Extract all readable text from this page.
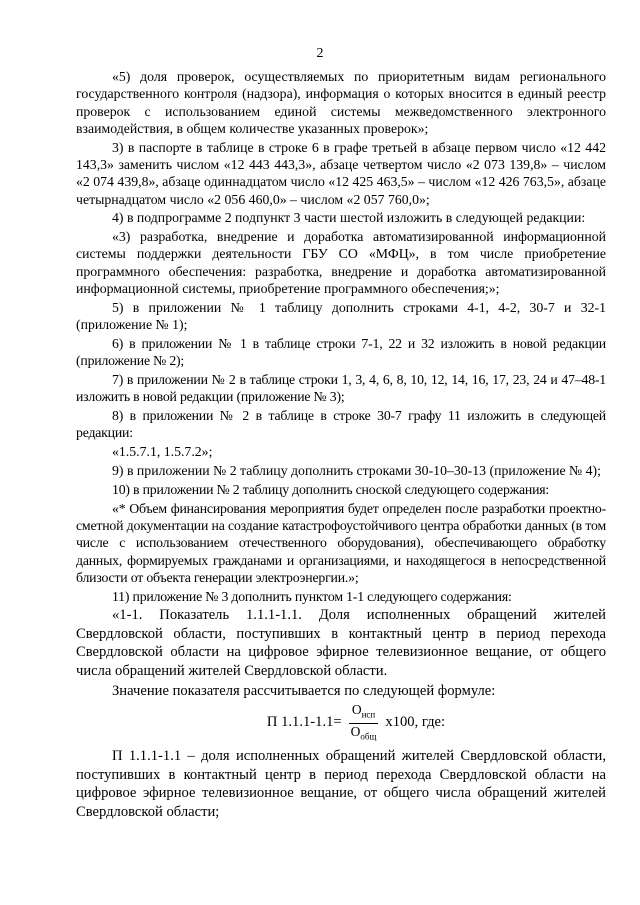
2

«5) доля проверок, осуществляемых по приоритетным видам регионального государственного контроля (надзора), информация о которых вносится в единый реестр проверок с использованием единой системы межведомственного электронного взаимодействия, в общем количестве указанных проверок»;

3) в паспорте в таблице в строке 6 в графе третьей в абзаце первом число «12 442 143,3» заменить числом «12 443 443,3», абзаце четвертом число «2 073 139,8» – числом «2 074 439,8», абзаце одиннадцатом число «12 425 463,5» – числом «12 426 763,5», абзаце четырнадцатом число «2 056 460,0» – числом «2 057 760,0»;

4) в подпрограмме 2 подпункт 3 части шестой изложить в следующей редакции:

«3) разработка, внедрение и доработка автоматизированной информационной системы поддержки деятельности ГБУ СО «МФЦ», в том числе приобретение программного обеспечения: разработка, внедрение и доработка автоматизированной информационной системы, приобретение программного обеспечения;»;

5) в приложении № 1 таблицу дополнить строками 4-1, 4-2, 30-7 и 32-1 (приложение № 1);

6) в приложении № 1 в таблице строки 7-1, 22 и 32 изложить в новой редакции (приложение № 2);

7) в приложении № 2 в таблице строки 1, 3, 4, 6, 8, 10, 12, 14, 16, 17, 23, 24 и 47–48-1 изложить в новой редакции (приложение № 3);

8) в приложении № 2 в таблице в строке 30-7 графу 11 изложить в следующей редакции:

«1.5.7.1, 1.5.7.2»;

9) в приложении № 2 таблицу дополнить строками 30-10–30-13 (приложение № 4);

10) в приложении № 2 таблицу дополнить сноской следующего содержания:

«* Объем финансирования мероприятия будет определен после разработки проектно-сметной документации на создание катастрофоустойчивого центра обработки данных (в том числе с использованием отечественного оборудования), обеспечивающего обработку данных, формируемых гражданами и организациями, и находящегося в непосредственной близости от объекта генерации электроэнергии.»;

11) приложение № 3 дополнить пунктом 1-1 следующего содержания:

«1-1. Показатель 1.1.1-1.1. Доля исполненных обращений жителей Свердловской области, поступивших в контактный центр в период перехода Свердловской области на цифровое эфирное телевизионное вещание, от общего числа обращений жителей Свердловской области.

Значение показателя рассчитывается по следующей формуле:

П $1.1.1-1.1= \frac{О_{исп}}{О_{общ}} х100$, где:

П 1.1.1-1.1 – доля исполненных обращений жителей Свердловской области, поступивших в контактный центр в период перехода Свердловской области на цифровое эфирное телевизионное вещание, от общего числа обращений жителей Свердловской области;
